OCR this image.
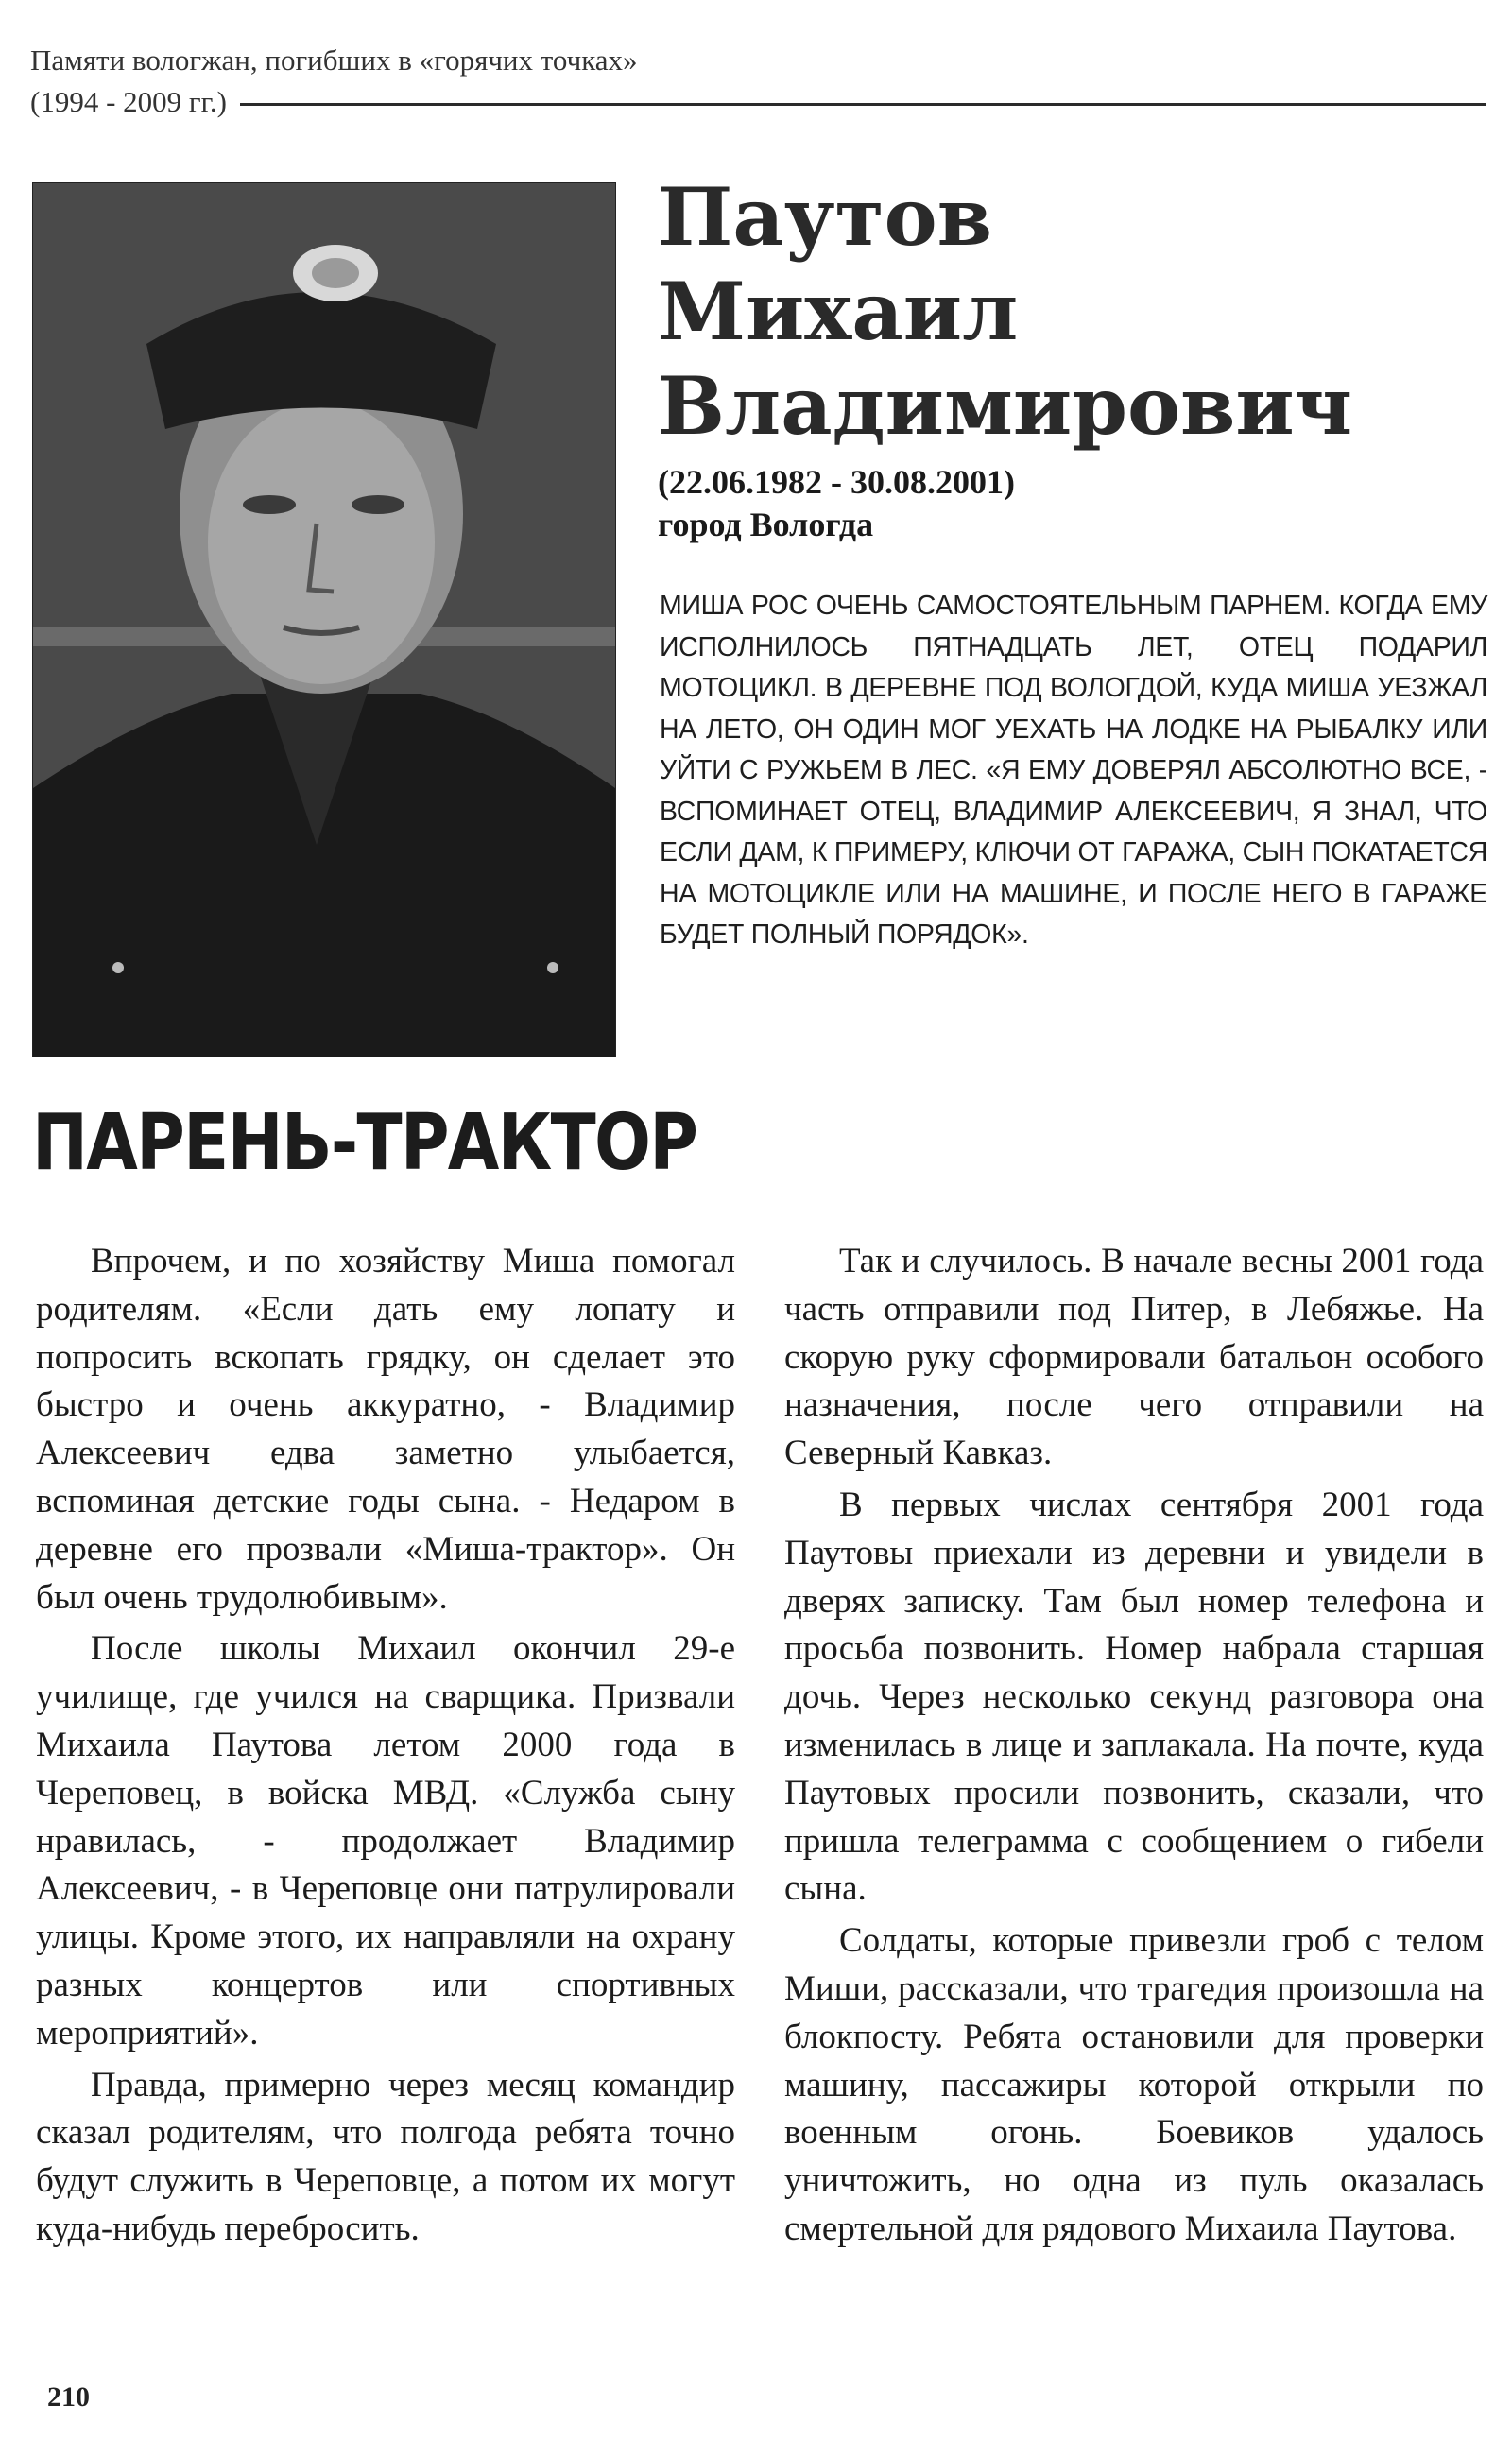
Памяти вологжан, погибших в «горячих точках»
(1994 - 2009 гг.)
Паутов
Михаил
Владимирович
(22.06.1982 - 30.08.2001)
город Вологда
МИША РОС ОЧЕНЬ САМОСТОЯТЕЛЬНЫМ ПАРНЕМ. КОГДА ЕМУ ИСПОЛНИЛОСЬ ПЯТНАДЦАТЬ ЛЕТ, ОТЕЦ ПОДАРИЛ МОТОЦИКЛ. В ДЕРЕВНЕ ПОД ВОЛОГДОЙ, КУДА МИША УЕЗЖАЛ НА ЛЕТО, ОН ОДИН МОГ УЕХАТЬ НА ЛОДКЕ НА РЫБАЛКУ ИЛИ УЙТИ С РУЖЬЕМ В ЛЕС. «Я ЕМУ ДОВЕРЯЛ АБСОЛЮТНО ВСЕ, - ВСПОМИНАЕТ ОТЕЦ, ВЛАДИМИР АЛЕКСЕЕВИЧ, Я ЗНАЛ, ЧТО ЕСЛИ ДАМ, К ПРИМЕРУ, КЛЮЧИ ОТ ГАРАЖА, СЫН ПОКАТАЕТСЯ НА МОТОЦИКЛЕ ИЛИ НА МАШИНЕ, И ПОСЛЕ НЕГО В ГАРАЖЕ БУДЕТ ПОЛНЫЙ ПОРЯДОК».
ПАРЕНЬ-ТРАКТОР

Впрочем, и по хозяйству Миша помогал родителям. «Если дать ему лопату и попросить вскопать грядку, он сделает это быстро и очень аккуратно, - Владимир Алексеевич едва заметно улыбается, вспоминая детские годы сына. - Недаром в деревне его прозвали «Миша-трактор». Он был очень трудолюбивым».

После школы Михаил окончил 29-е училище, где учился на сварщика. Призвали Михаила Паутова летом 2000 года в Череповец, в войска МВД. «Служба сыну нравилась, - продолжает Владимир Алексеевич, - в Череповце они патрулировали улицы. Кроме этого, их направляли на охрану разных концертов или спортивных мероприятий».

Правда, примерно через месяц командир сказал родителям, что полгода ребята точно будут служить в Череповце, а потом их могут куда-нибудь перебросить.

Так и случилось. В начале весны 2001 года часть отправили под Питер, в Лебяжье. На скорую руку сформировали батальон особого назначения, после чего отправили на Северный Кавказ.

В первых числах сентября 2001 года Паутовы приехали из деревни и увидели в дверях записку. Там был номер телефона и просьба позвонить. Номер набрала старшая дочь. Через несколько секунд разговора она изменилась в лице и заплакала. На почте, куда Паутовых просили позвонить, сказали, что пришла телеграмма с сообщением о гибели сына.

Солдаты, которые привезли гроб с телом Миши, рассказали, что трагедия произошла на блокпосту. Ребята остановили для проверки машину, пассажиры которой открыли по военным огонь. Боевиков удалось уничтожить, но одна из пуль оказалась смертельной для рядового Михаила Паутова.

210
